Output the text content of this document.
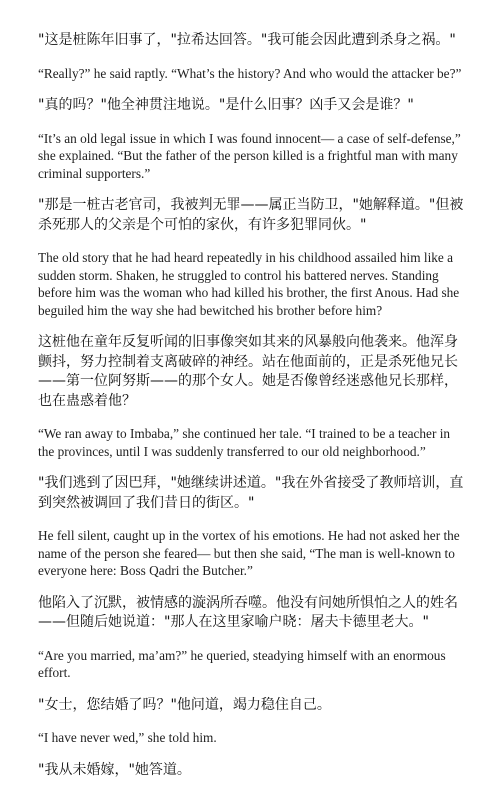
"这是桩陈年旧事了，"拉希达回答。"我可能会因此遭到杀身之祸。"

“Really?” he said raptly. “What’s the history? And who would the attacker be?”

"真的吗？"他全神贯注地说。"是什么旧事？凶手又会是谁？"

“It’s an old legal issue in which I was found innocent— a case of self-defense,” she explained. “But the father of the person killed is a frightful man with many criminal supporters.”

"那是一桩古老官司，我被判无罪——属正当防卫，"她解释道。"但被杀死那人的父亲是个可怕的家伙，有许多犯罪同伙。"

The old story that he had heard repeatedly in his childhood assailed him like a sudden storm. Shaken, he struggled to control his battered nerves. Standing before him was the woman who had killed his brother, the first Anous. Had she beguiled him the way she had bewitched his brother before him?

这桩他在童年反复听闻的旧事像突如其来的风暴般向他袭来。他浑身颤抖，努力控制着支离破碎的神经。站在他面前的，正是杀死他兄长——第一位阿努斯——的那个女人。她是否像曾经迷惑他兄长那样，也在蛊惑着他？

“We ran away to Imbaba,” she continued her tale. “I trained to be a teacher in the provinces, until I was suddenly transferred to our old neighborhood.”

"我们逃到了因巴拜，"她继续讲述道。"我在外省接受了教师培训，直到突然被调回了我们昔日的街区。"

He fell silent, caught up in the vortex of his emotions. He had not asked her the name of the person she feared— but then she said, “The man is well-known to everyone here: Boss Qadri the Butcher.”

他陷入了沉默，被情感的漩涡所吞噬。他没有问她所惧怕之人的姓名——但随后她说道："那人在这里家喻户晓：屠夫卡德里老大。"

“Are you married, ma’am?” he queried, steadying himself with an enormous effort.

"女士，您结婚了吗？"他问道，竭力稳住自己。

“I have never wed,” she told him.

"我从未婚嫁，"她答道。
